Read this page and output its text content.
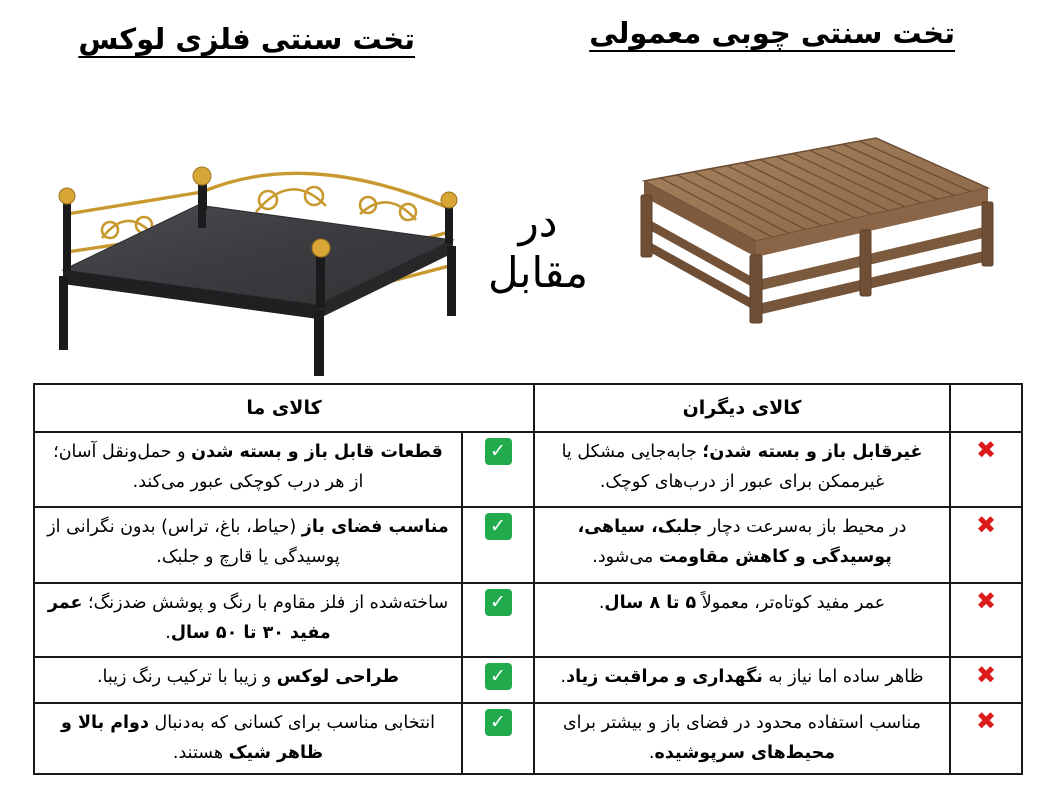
تخت سنتی چوبی معمولی
تخت سنتی فلزی لوکس
در
مقابل
	کالای دیگران	کالای ما	
✖	غیرقابل باز و بسته شدن؛ جابه‌جایی مشکل یا غیرممکن برای عبور از درب‌های کوچک.	✓	قطعات قابل باز و بسته شدن و حمل‌ونقل آسان؛ از هر درب کوچکی عبور می‌کند.
✖	در محیط باز به‌سرعت دچار جلبک، سیاهی، پوسیدگی و کاهش مقاومت می‌شود.	✓	مناسب فضای باز (حیاط، باغ، تراس) بدون نگرانی از پوسیدگی یا قارچ و جلبک.
✖	عمر مفید کوتاه‌تر، معمولاً ۵ تا ۸ سال.	✓	ساخته‌شده از فلز مقاوم با رنگ و پوشش ضدزنگ؛ عمر مفید ۳۰ تا ۵۰ سال.
✖	ظاهر ساده اما نیاز به نگهداری و مراقبت زیاد.	✓	طراحی لوکس و زیبا با ترکیب رنگ زیبا.
✖	مناسب استفاده محدود در فضای باز و بیشتر برای محیط‌های سرپوشیده.	✓	انتخابی مناسب برای کسانی که به‌دنبال دوام بالا و ظاهر شیک هستند.
